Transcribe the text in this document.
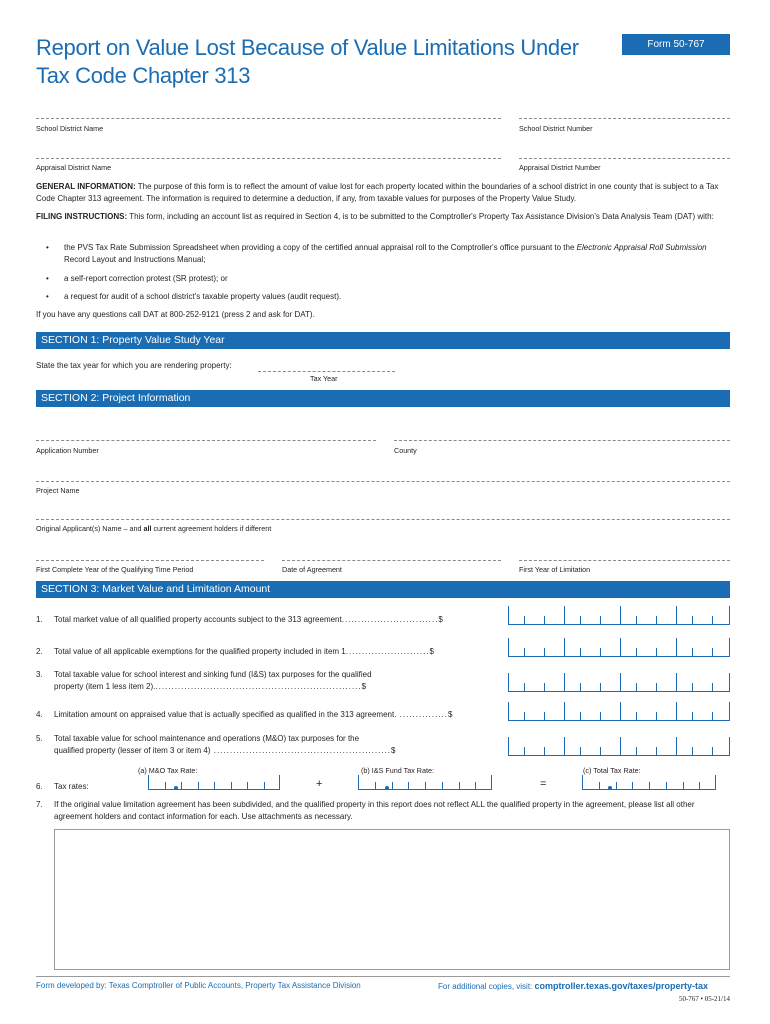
Report on Value Lost Because of Value Limitations Under Tax Code Chapter 313
Form 50-767
School District Name	School District Number
Appraisal District Name	Appraisal District Number
GENERAL INFORMATION: The purpose of this form is to reflect the amount of value lost for each property located within the boundaries of a school district in one county that is subject to a Tax Code Chapter 313 agreement. The information is required to determine a deduction, if any, from taxable values for purposes of the Property Value Study.
FILING INSTRUCTIONS: This form, including an account list as required in Section 4, is to be submitted to the Comptroller's Property Tax Assistance Division's Data Analysis Team (DAT) with:
• the PVS Tax Rate Submission Spreadsheet when providing a copy of the certified annual appraisal roll to the Comptroller's office pursuant to the Electronic Appraisal Roll Submission Record Layout and Instructions Manual;
• a self-report correction protest (SR protest); or
• a request for audit of a school district's taxable property values (audit request).
If you have any questions call DAT at 800-252-9121 (press 2 and ask for DAT).
SECTION 1: Property Value Study Year
State the tax year for which you are rendering property:
Tax Year
SECTION 2: Project Information
Application Number	County
Project Name
Original Applicant(s) Name – and all current agreement holders if different
First Complete Year of the Qualifying Time Period	Date of Agreement	First Year of Limitation
SECTION 3: Market Value and Limitation Amount
1. Total market value of all qualified property accounts subject to the 313 agreement..............................$
2. Total value of all applicable exemptions for the qualified property included in item 1..........................$
3. Total taxable value for school interest and sinking fund (I&S) tax purposes for the qualified
property (item 1 less item 2).................................................................$
4. Limitation amount on appraised value that is actually specified as qualified in the 313 agreement. ...............$
5. Total taxable value for school maintenance and operations (M&O) tax purposes for the
qualified property (lesser of item 3 or item 4) .......................................................$
(a) M&O Tax Rate:	(b) I&S Fund Tax Rate:	(c) Total Tax Rate:
6. Tax rates:	+	=
7. If the original value limitation agreement has been subdivided, and the qualified property in this report does not reflect ALL the qualified property in the agreement, please list all other agreement holders and contact information for each. Use attachments as necessary.
Form developed by: Texas Comptroller of Public Accounts, Property Tax Assistance Division	For additional copies, visit: comptroller.texas.gov/taxes/property-tax
50-767 • 05-21/14
